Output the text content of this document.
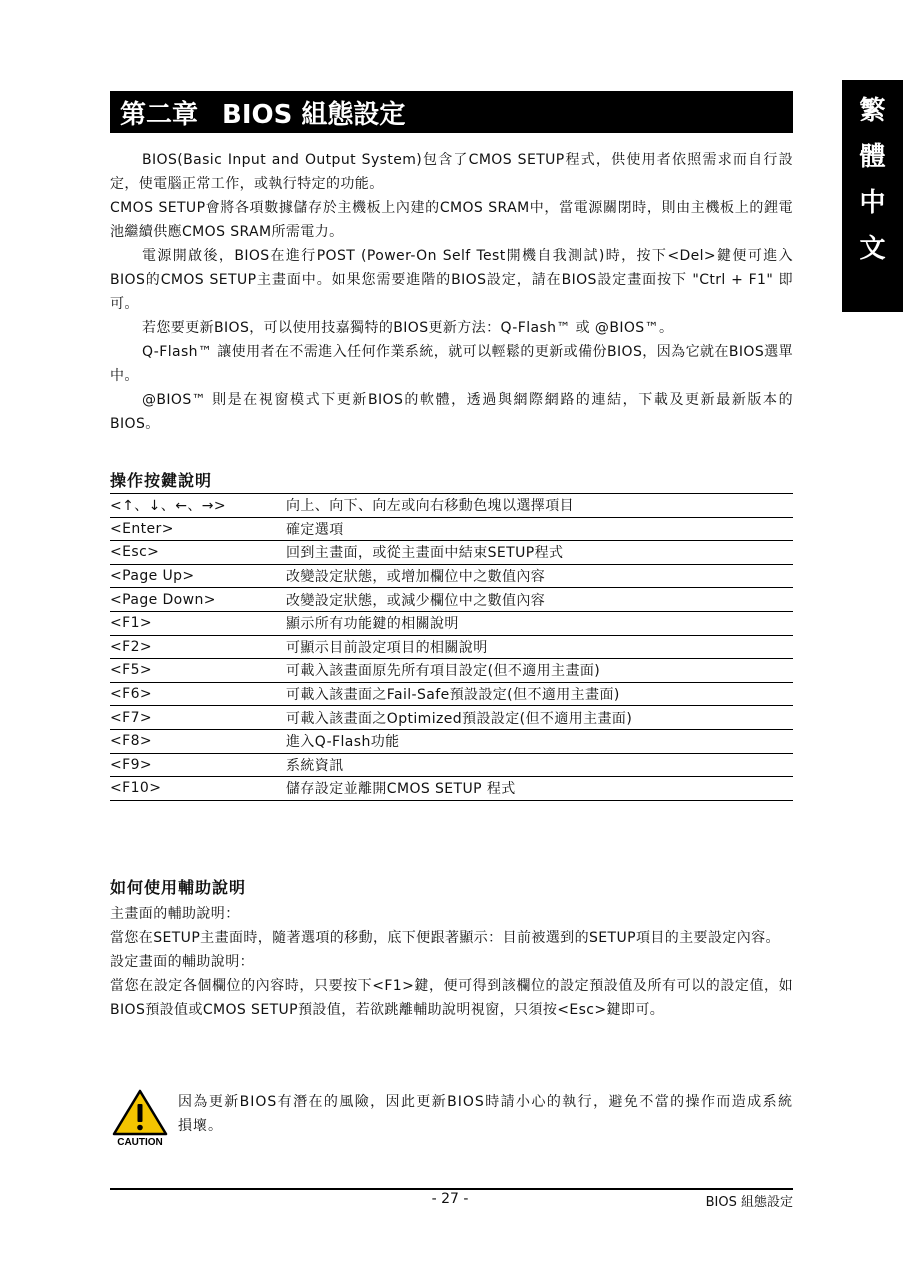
繁
體
中
文
第二章 BIOS 組態設定

BIOS(Basic Input and Output System)包含了CMOS SETUP程式，供使用者依照需求而自行設定，使電腦正常工作，或執行特定的功能。

CMOS SETUP會將各項數據儲存於主機板上內建的CMOS SRAM中，當電源關閉時，則由主機板上的鋰電池繼續供應CMOS SRAM所需電力。

電源開啟後，BIOS在進行POST (Power-On Self Test開機自我測試)時，按下<Del>鍵便可進入BIOS的CMOS SETUP主畫面中。如果您需要進階的BIOS設定，請在BIOS設定畫面按下 "Ctrl + F1" 即可。

若您要更新BIOS，可以使用技嘉獨特的BIOS更新方法：Q-Flash™ 或 @BIOS™。

Q-Flash™ 讓使用者在不需進入任何作業系統，就可以輕鬆的更新或備份BIOS，因為它就在BIOS選單中。

@BIOS™ 則是在視窗模式下更新BIOS的軟體，透過與網際網路的連結，下載及更新最新版本的BIOS。

操作按鍵說明
<↑、↓、←、→>	向上、向下、向左或向右移動色塊以選擇項目
<Enter>	確定選項
<Esc>	回到主畫面，或從主畫面中結束SETUP程式
<Page Up>	改變設定狀態，或增加欄位中之數值內容
<Page Down>	改變設定狀態，或減少欄位中之數值內容
<F1>	顯示所有功能鍵的相關說明
<F2>	可顯示目前設定項目的相關說明
<F5>	可載入該畫面原先所有項目設定(但不適用主畫面)
<F6>	可載入該畫面之Fail-Safe預設設定(但不適用主畫面)
<F7>	可載入該畫面之Optimized預設設定(但不適用主畫面)
<F8>	進入Q-Flash功能
<F9>	系統資訊
<F10>	儲存設定並離開CMOS SETUP 程式
如何使用輔助說明

主畫面的輔助說明：

當您在SETUP主畫面時，隨著選項的移動，底下便跟著顯示：目前被選到的SETUP項目的主要設定內容。

設定畫面的輔助說明：

當您在設定各個欄位的內容時，只要按下<F1>鍵，便可得到該欄位的設定預設值及所有可以的設定值，如BIOS預設值或CMOS SETUP預設值，若欲跳離輔助說明視窗，只須按<Esc>鍵即可。

CAUTION
因為更新BIOS有潛在的風險，因此更新BIOS時請小心的執行，避免不當的操作而造成系統損壞。
- 27 -	BIOS 組態設定
